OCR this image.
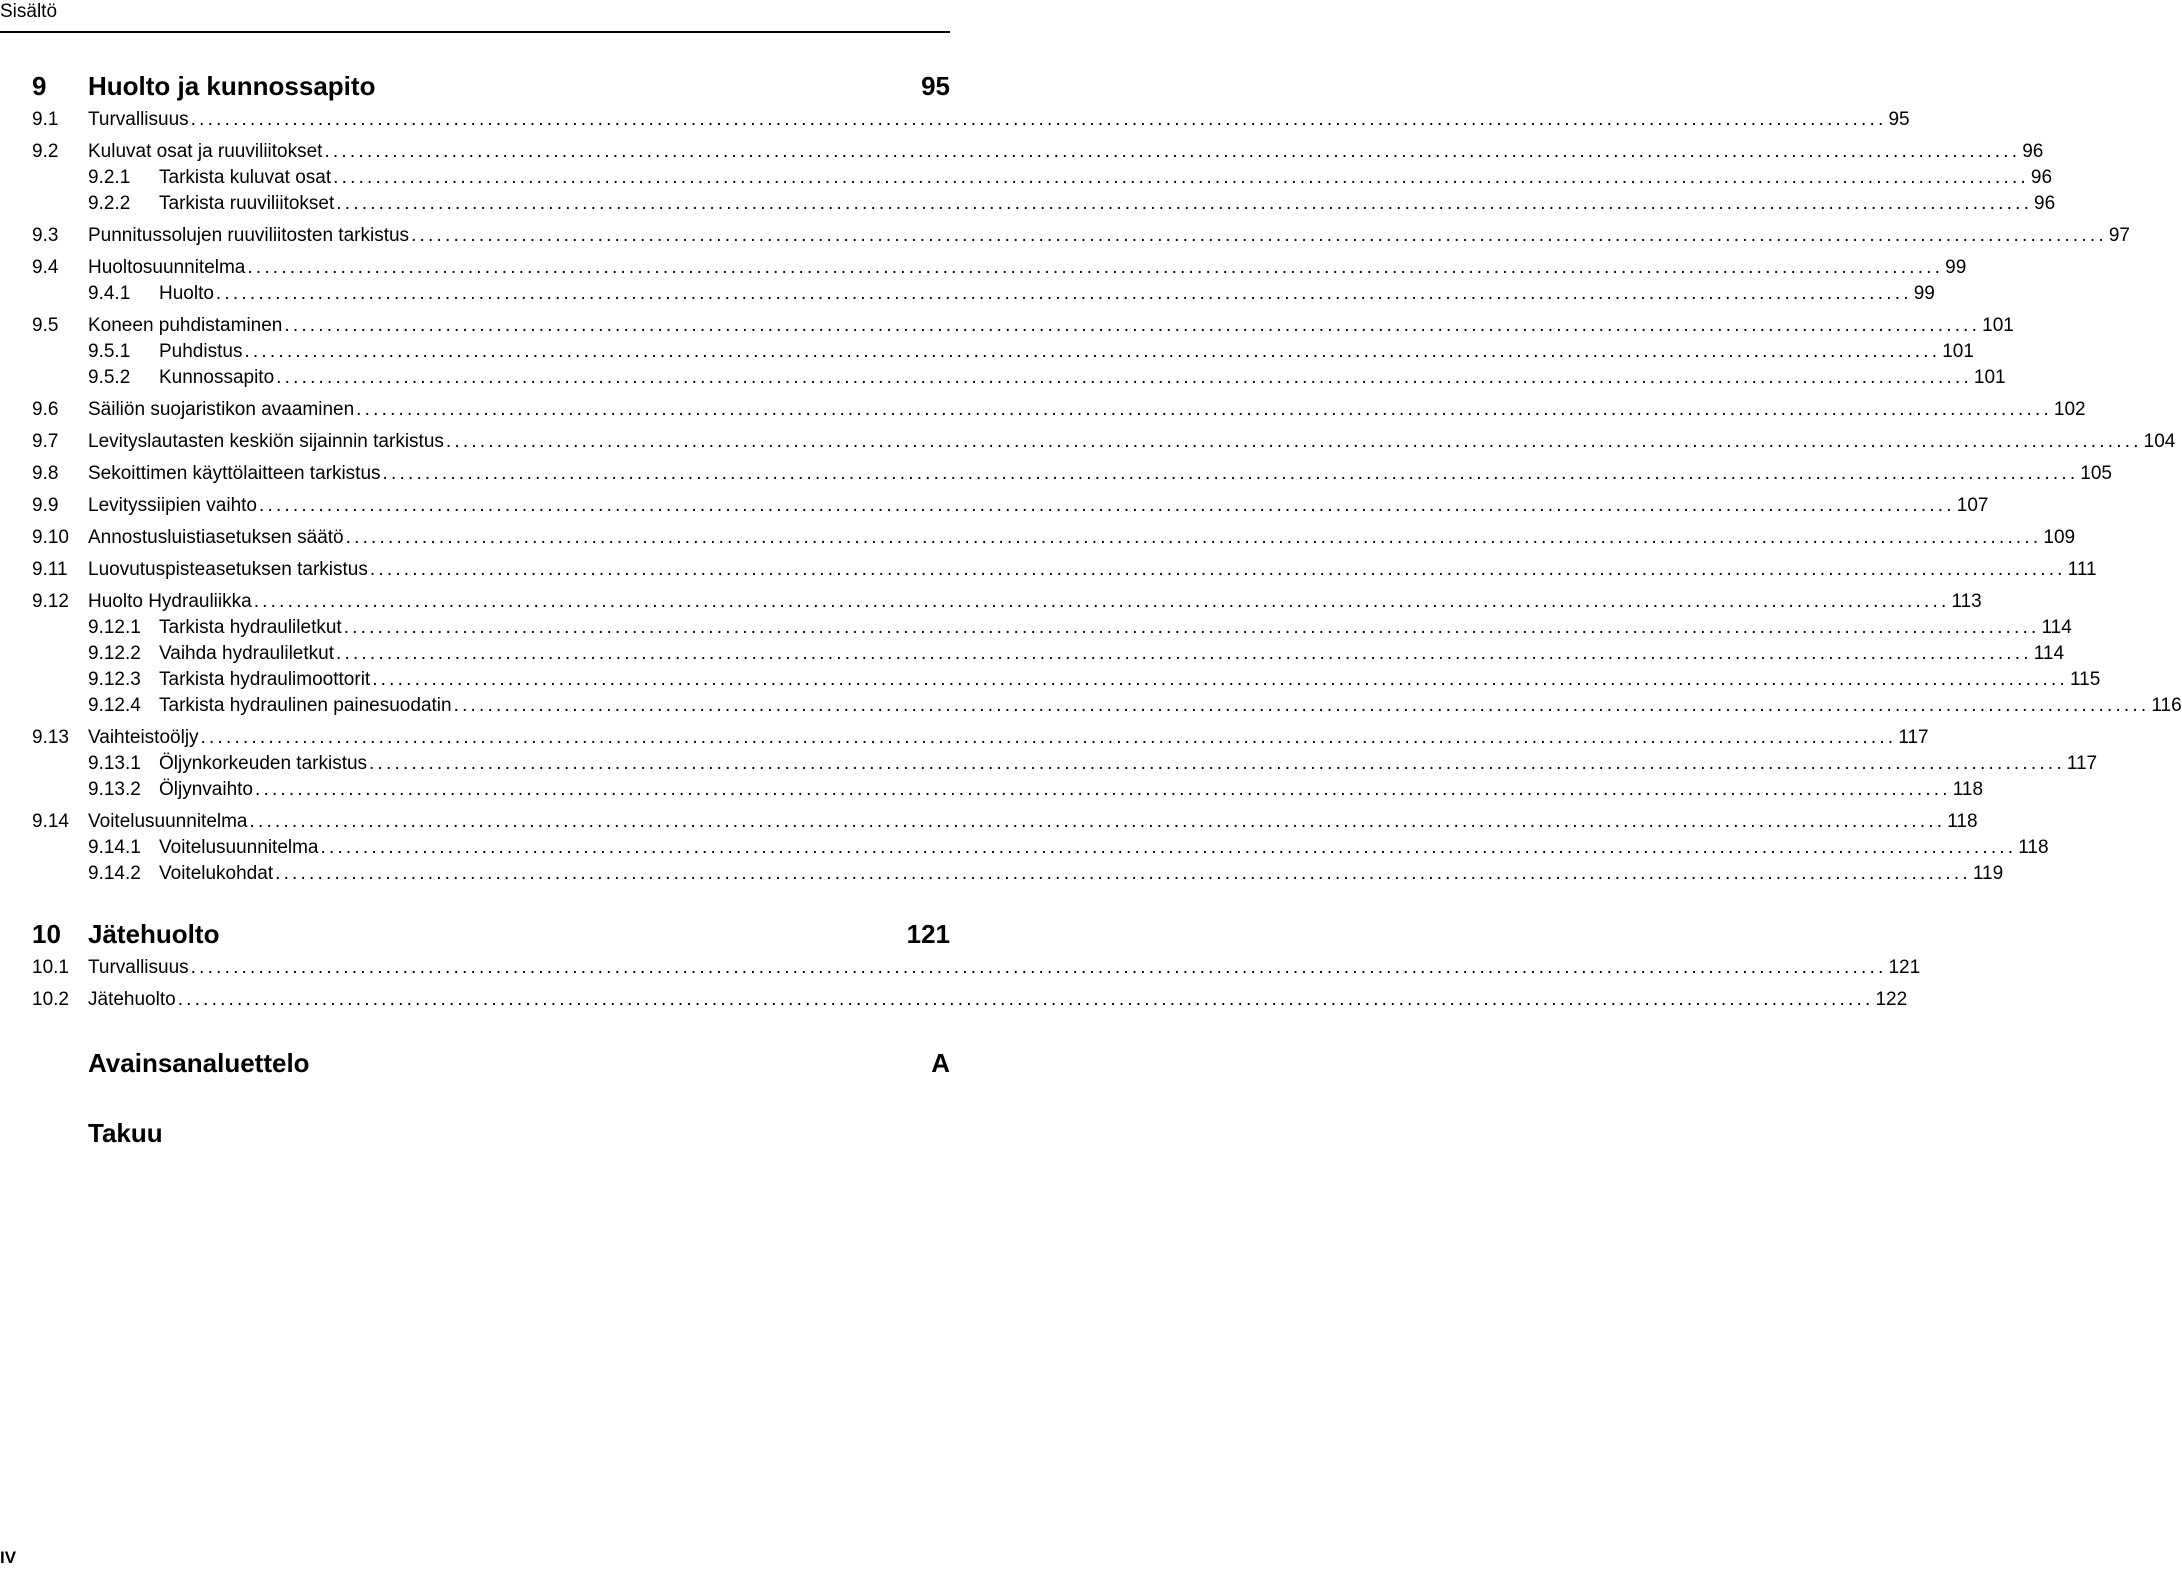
Sisältö
9	Huolto ja kunnossapito	95
9.1	Turvallisuus ........................................................................................................................................................................................................ 95
9.2	Kuluvat osat ja ruuviliitokset ........................................................................................................................................................................................................ 96
9.2.1	Tarkista kuluvat osat ........................................................................................................................................................................................................ 96
9.2.2	Tarkista ruuviliitokset ........................................................................................................................................................................................................ 96
9.3	Punnitussolujen ruuviliitosten tarkistus ........................................................................................................................................................................................................ 97
9.4	Huoltosuunnitelma ........................................................................................................................................................................................................ 99
9.4.1	Huolto ........................................................................................................................................................................................................ 99
9.5	Koneen puhdistaminen ........................................................................................................................................................................................................ 101
9.5.1	Puhdistus ........................................................................................................................................................................................................ 101
9.5.2	Kunnossapito ........................................................................................................................................................................................................ 101
9.6	Säiliön suojaristikon avaaminen ........................................................................................................................................................................................................ 102
9.7	Levityslautasten keskiön sijainnin tarkistus ........................................................................................................................................................................................................ 104
9.8	Sekoittimen käyttölaitteen tarkistus ........................................................................................................................................................................................................ 105
9.9	Levityssiipien vaihto ........................................................................................................................................................................................................ 107
9.10	Annostusluistiasetuksen säätö ........................................................................................................................................................................................................ 109
9.11	Luovutuspisteasetuksen tarkistus ........................................................................................................................................................................................................ 111
9.12	Huolto Hydrauliikka ........................................................................................................................................................................................................ 113
9.12.1 Tarkista hydrauliletkut ........................................................................................................................................................................................................ 114
9.12.2 Vaihda hydrauliletkut ........................................................................................................................................................................................................ 114
9.12.3 Tarkista hydraulimoottorit ........................................................................................................................................................................................................ 115
9.12.4 Tarkista hydraulinen painesuodatin ........................................................................................................................................................................................................ 116
9.13	Vaihteistoöljy ........................................................................................................................................................................................................ 117
9.13.1 Öljynkorkeuden tarkistus ........................................................................................................................................................................................................ 117
9.13.2 Öljynvaihto ........................................................................................................................................................................................................ 118
9.14	Voitelusuunnitelma ........................................................................................................................................................................................................ 118
9.14.1 Voitelusuunnitelma ........................................................................................................................................................................................................ 118
9.14.2 Voitelukohdat ........................................................................................................................................................................................................ 119
10	Jätehuolto	121
10.1	Turvallisuus ........................................................................................................................................................................................................ 121
10.2	Jätehuolto ........................................................................................................................................................................................................ 122
Avainsanaluettelo	A
Takuu
IV
